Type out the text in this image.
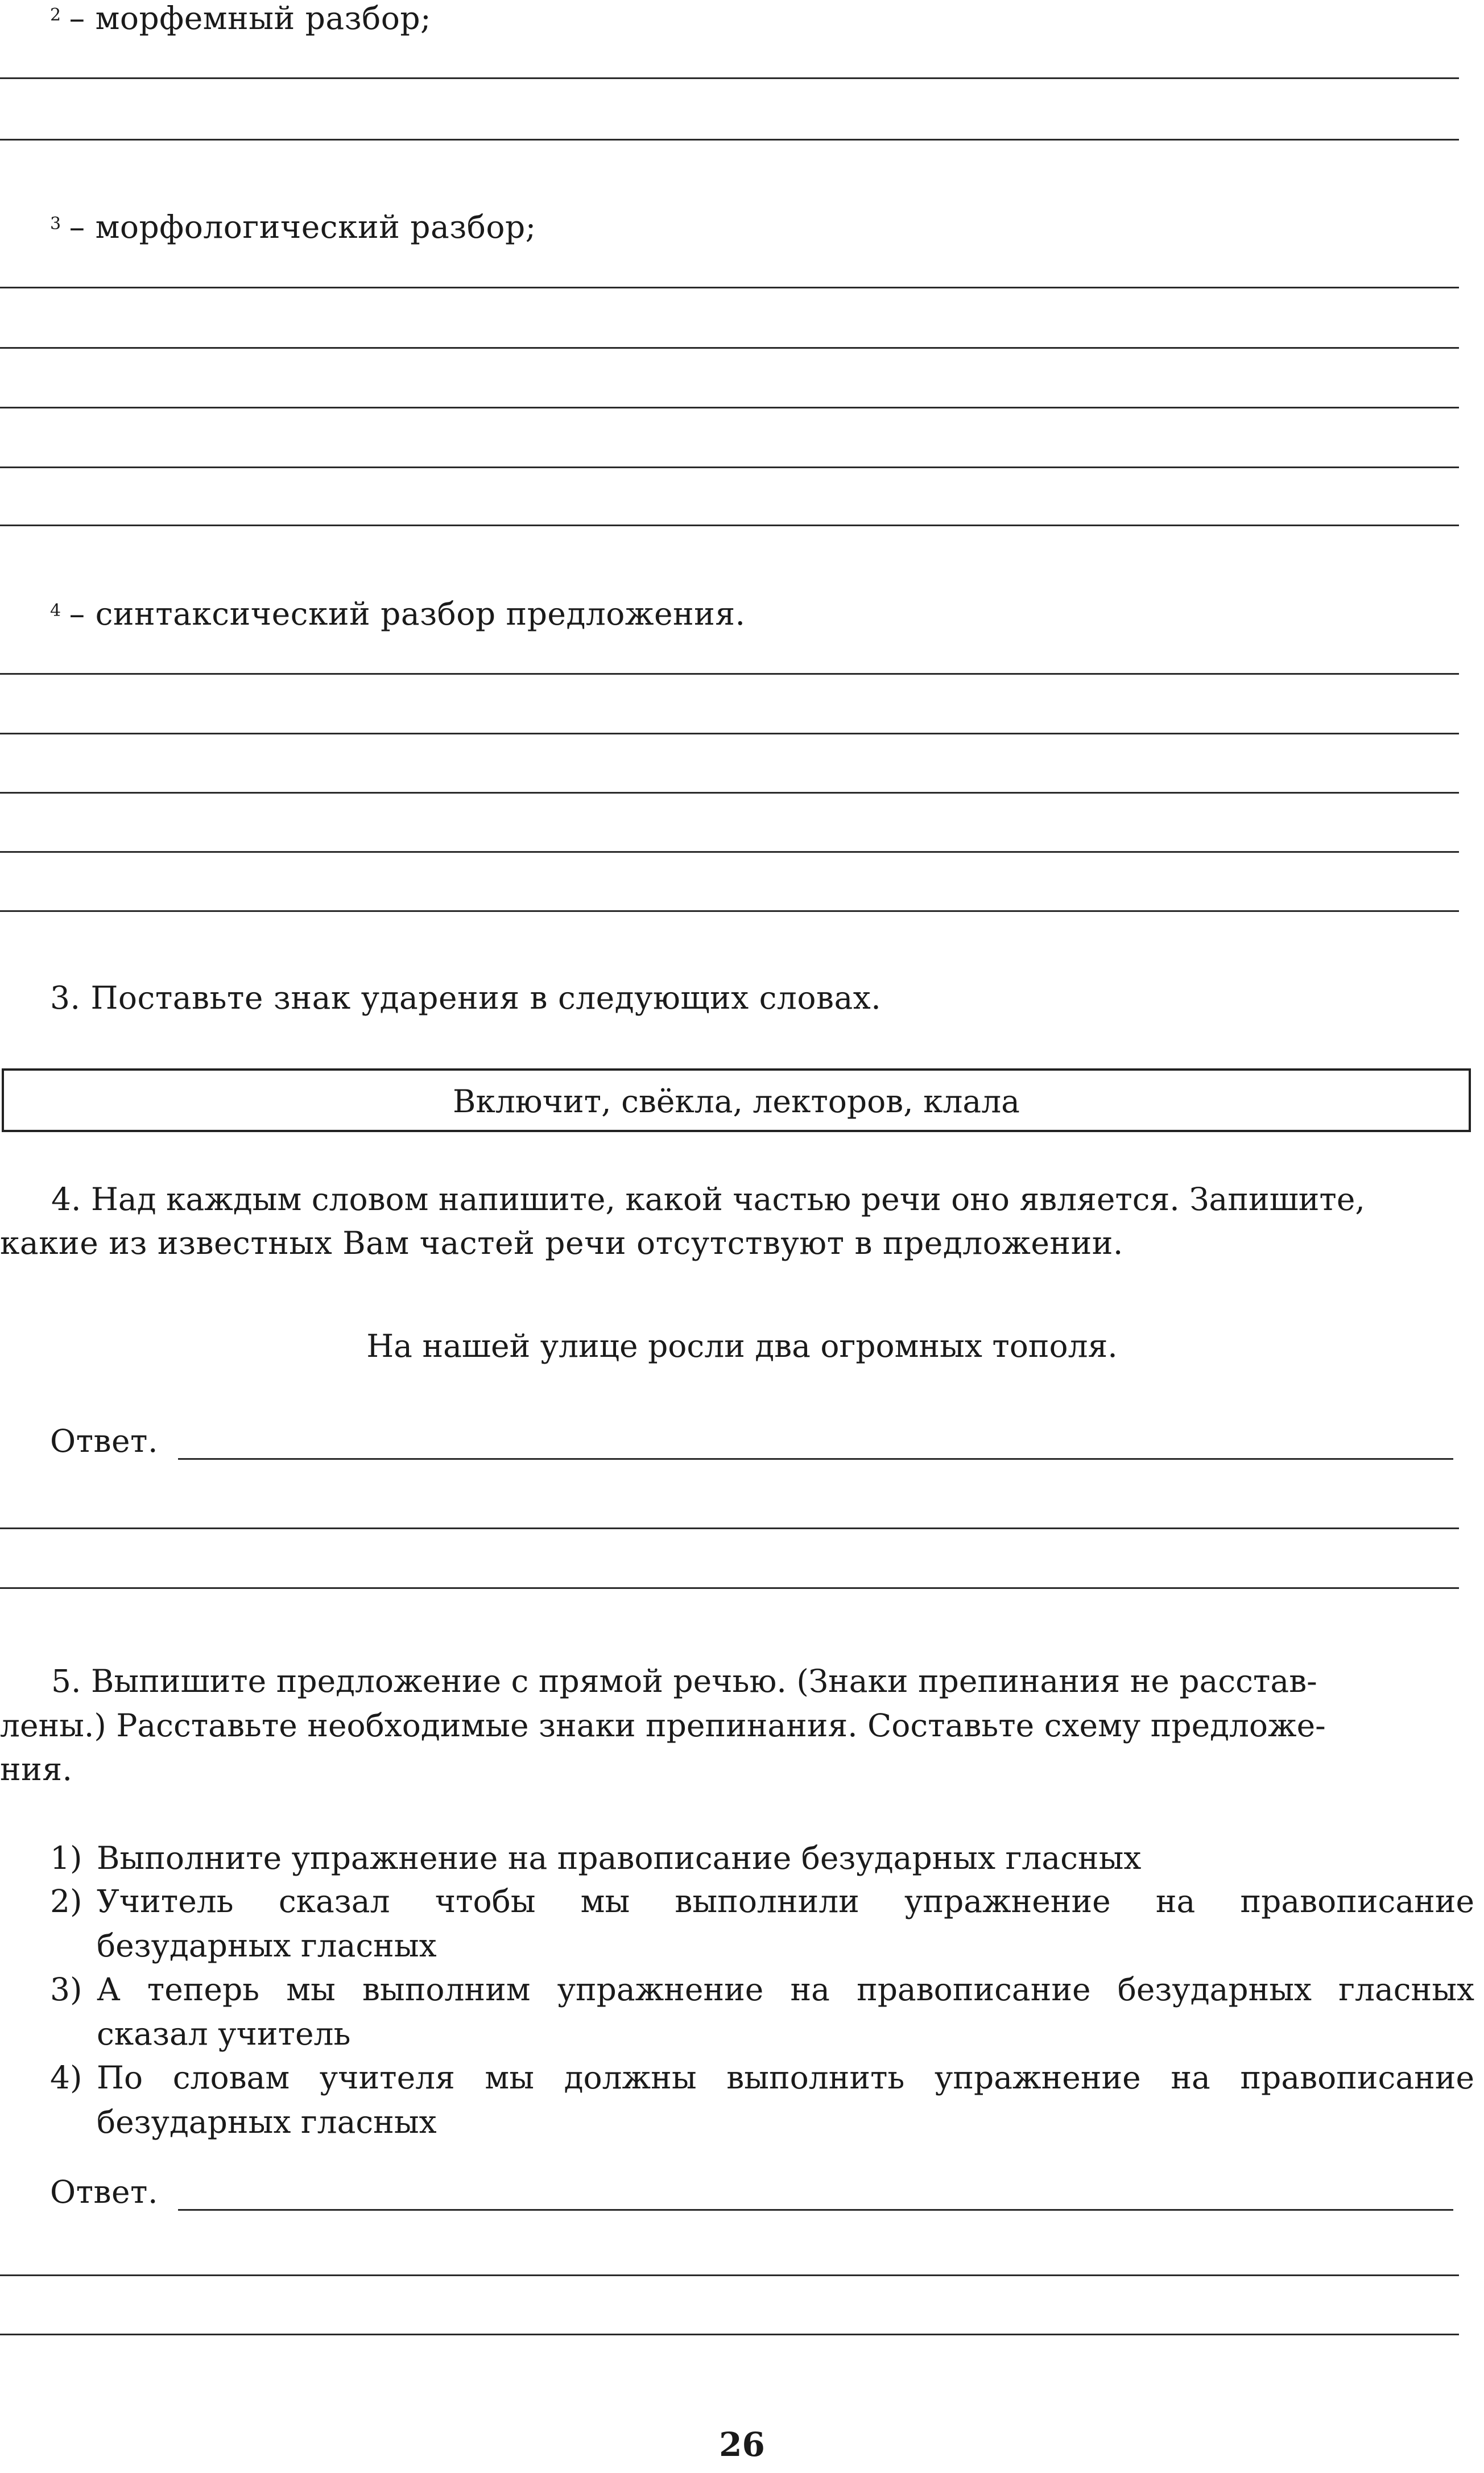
$^2$ – морфемный разбор;
$^3$ – морфологический разбор;
$^4$ – синтаксический разбор предложения.
3. Поставьте знак ударения в следующих словах.
Включит, свёкла, лекторов, клала
4. Над каждым словом напишите, какой частью речи оно является. Запишите,
какие из известных Вам частей речи отсутствуют в предложении.
На нашей улице росли два огромных тополя.
Ответ.
5. Выпишите предложение с прямой речью. (Знаки препинания не расстав-
лены.) Расставьте необходимые знаки препинания. Составьте схему предложе-
ния.
1) Выполните упражнение на правописание безударных гласных
2) Учитель сказал чтобы мы выполнили упражнение на правописание
безударных гласных
3) А теперь мы выполним упражнение на правописание безударных гласных
сказал учитель
4) По словам учителя мы должны выполнить упражнение на правописание
безударных гласных
Ответ.
26
